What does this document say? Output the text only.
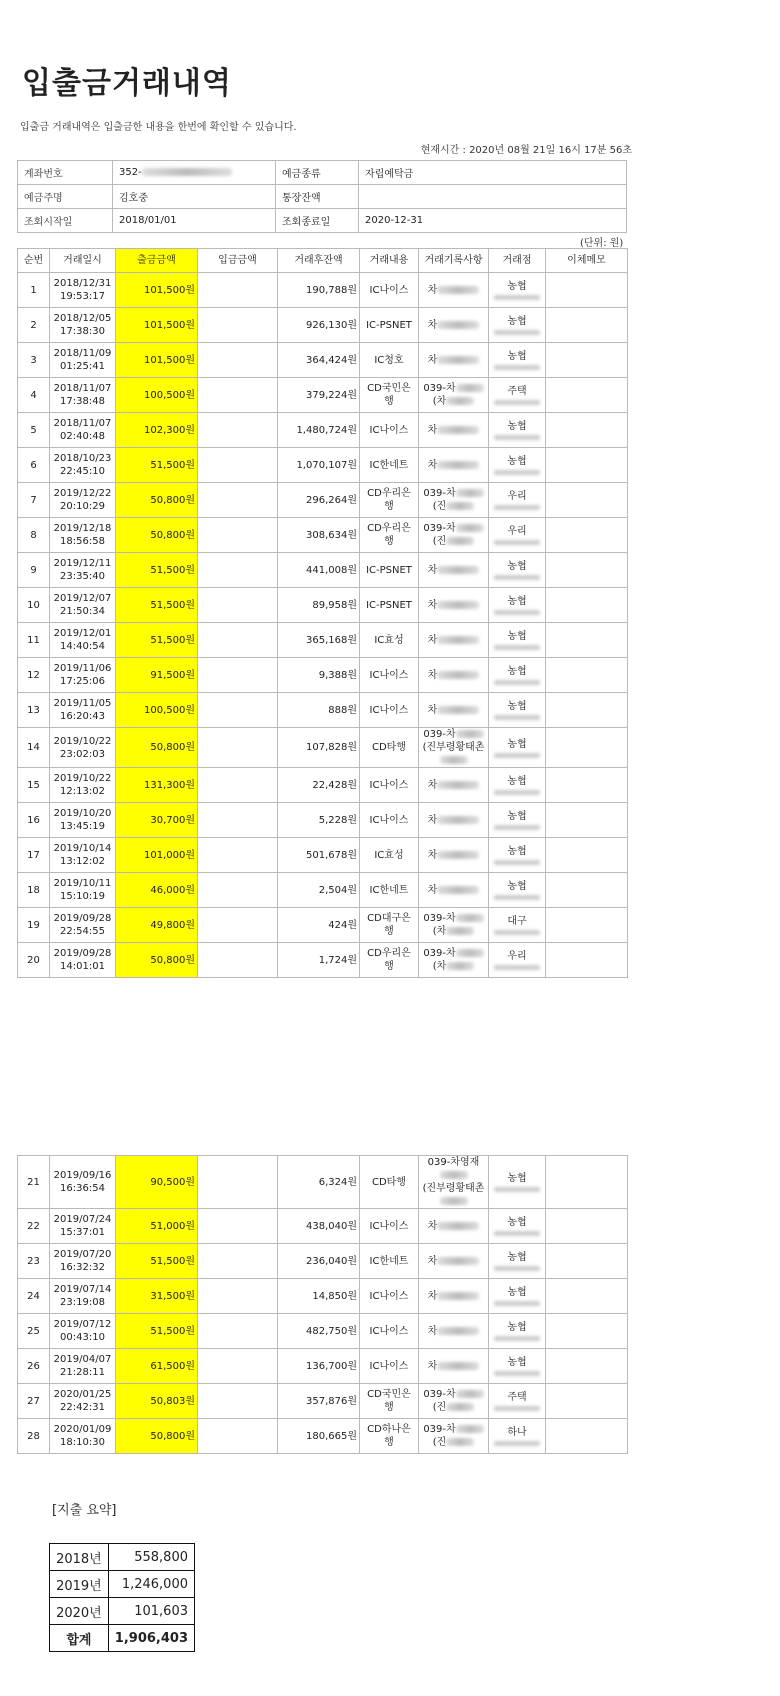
입출금거래내역
입출금 거래내역은 입출금한 내용을 한번에 확인할 수 있습니다.
현재시간 : 2020년 08월 21일 16시 17분 56초
계좌번호	352-	예금종류	자립예탁금
예금주명	김호중	통장잔액	
조회시작일	2018/01/01	조회종료일	2020-12-31
(단위: 원)
순번	거래일시	출금금액	입금금액	거래후잔액	거래내용	거래기록사항	거래점	이체메모
1	2018/12/31
19:53:17	101,500원		190,788원	IC나이스	차	농협

2	2018/12/05
17:38:30	101,500원		926,130원	IC-PSNET	차	농협

3	2018/11/09
01:25:41	101,500원		364,424원	IC청호	차	농협

4	2018/11/07
17:38:48	100,500원		379,224원	CD국민은행	039-차
(차	주택

5	2018/11/07
02:40:48	102,300원		1,480,724원	IC나이스	차	농협

6	2018/10/23
22:45:10	51,500원		1,070,107원	IC한네트	차	농협

7	2019/12/22
20:10:29	50,800원		296,264원	CD우리은행	039-차
(진	우리

8	2019/12/18
18:56:58	50,800원		308,634원	CD우리은행	039-차
(진	우리

9	2019/12/11
23:35:40	51,500원		441,008원	IC-PSNET	차	농협

10	2019/12/07
21:50:34	51,500원		89,958원	IC-PSNET	차	농협

11	2019/12/01
14:40:54	51,500원		365,168원	IC효성	차	농협

12	2019/11/06
17:25:06	91,500원		9,388원	IC나이스	차	농협

13	2019/11/05
16:20:43	100,500원		888원	IC나이스	차	농협

14	2019/10/22
23:02:03	50,800원		107,828원	CD타행	039-차
(진부령황태촌	농협

15	2019/10/22
12:13:02	131,300원		22,428원	IC나이스	차	농협

16	2019/10/20
13:45:19	30,700원		5,228원	IC나이스	차	농협

17	2019/10/14
13:12:02	101,000원		501,678원	IC효성	차	농협

18	2019/10/11
15:10:19	46,000원		2,504원	IC한네트	차	농협

19	2019/09/28
22:54:55	49,800원		424원	CD대구은행	039-차
(차	대구

20	2019/09/28
14:01:01	50,800원		1,724원	CD우리은행	039-차
(차	우리

21	2019/09/16
16:36:54	90,500원		6,324원	CD타행	039-차영재
(진부령황태촌	농협

22	2019/07/24
15:37:01	51,000원		438,040원	IC나이스	차	농협

23	2019/07/20
16:32:32	51,500원		236,040원	IC한네트	차	농협

24	2019/07/14
23:19:08	31,500원		14,850원	IC나이스	차	농협

25	2019/07/12
00:43:10	51,500원		482,750원	IC나이스	차	농협

26	2019/04/07
21:28:11	61,500원		136,700원	IC나이스	차	농협

27	2020/01/25
22:42:31	50,803원		357,876원	CD국민은행	039-차
(진	주택

28	2020/01/09
18:10:30	50,800원		180,665원	CD하나은행	039-차
(진	하나

[지출 요약]
2018년	558,800
2019년	1,246,000
2020년	101,603
합계	1,906,403
